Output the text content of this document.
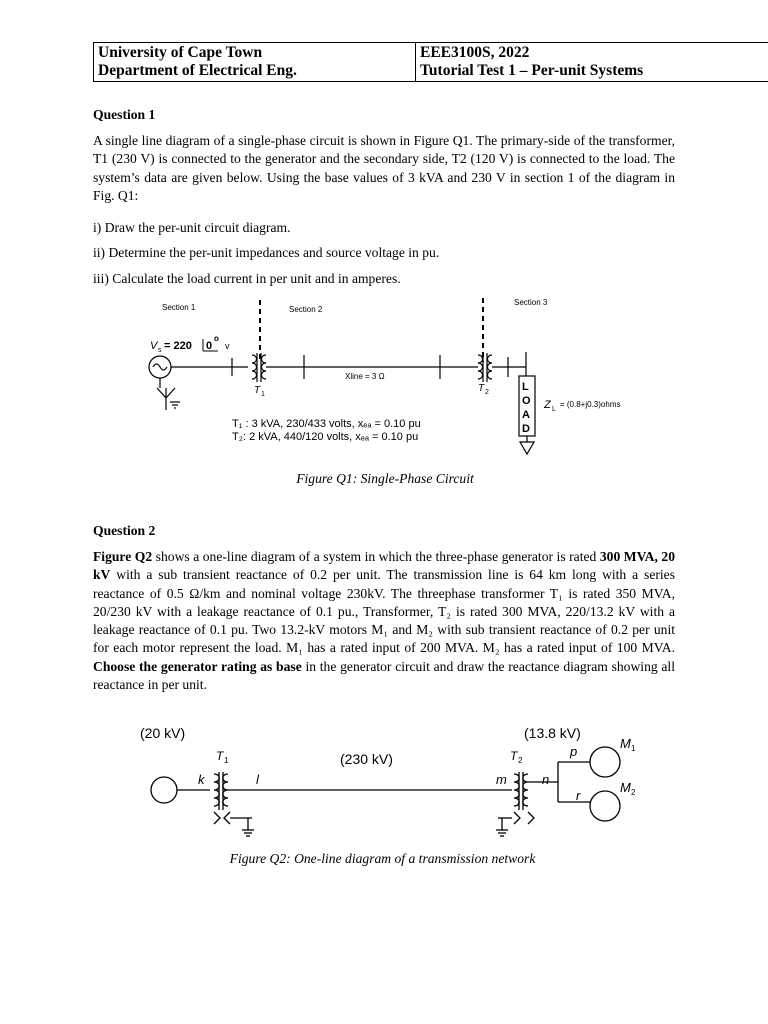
University of Cape Town
Department of Electrical Eng.
EEE3100S, 2022
Tutorial Test 1 – Per-unit Systems
Question 1
A single line diagram of a single-phase circuit is shown in Figure Q1. The primary-side of the transformer, T1 (230 V) is connected to the generator and the secondary side, T2 (120 V) is connected to the load. The system’s data are given below. Using the base values of 3 kVA and 230 V in section 1 of the diagram in Fig. Q1:
i) Draw the per-unit circuit diagram.
ii) Determine the per-unit impedances and source voltage in pu.
iii) Calculate the load current in per unit and in amperes.
Section 1	Section 2
Section 3
V s = 220 0
o
v
T 1
T 2
Xline = 3 Ω
L
O
A
D
Z L
= (0.8+j0.3)ohms
T₁ : 3 kVA, 230/433 volts, xₑₐ = 0.10 pu
T₂: 2 kVA, 440/120 volts, xₑₐ = 0.10 pu
Figure Q1: Single-Phase Circuit
Question 2
Figure Q2 shows a one-line diagram of a system in which the three-phase generator is rated 300 MVA, 20 kV with a sub transient reactance of 0.2 per unit. The transmission line is 64 km long with a series reactance of 0.5 Ω/km and nominal voltage 230kV. The threephase transformer T₁ is rated 350 MVA, 20/230 kV with a leakage reactance of 0.1 pu., Transformer, T₂ is rated 300 MVA, 220/13.2 kV with a leakage reactance of 0.1 pu. Two 13.2-kV motors M₁ and M₂ with sub transient reactance of 0.2 per unit for each motor represent the load. M₁ has a rated input of 200 MVA. M₂ has a rated input of 100 MVA. Choose the generator rating as base in the generator circuit and draw the reactance diagram showing all reactance in per unit.
(20 kV)
(230 kV)
(13.8 kV)
T 1	T 2
k	l	m	n
p
r
M 1
M 2
Figure Q2: One-line diagram of a transmission network
